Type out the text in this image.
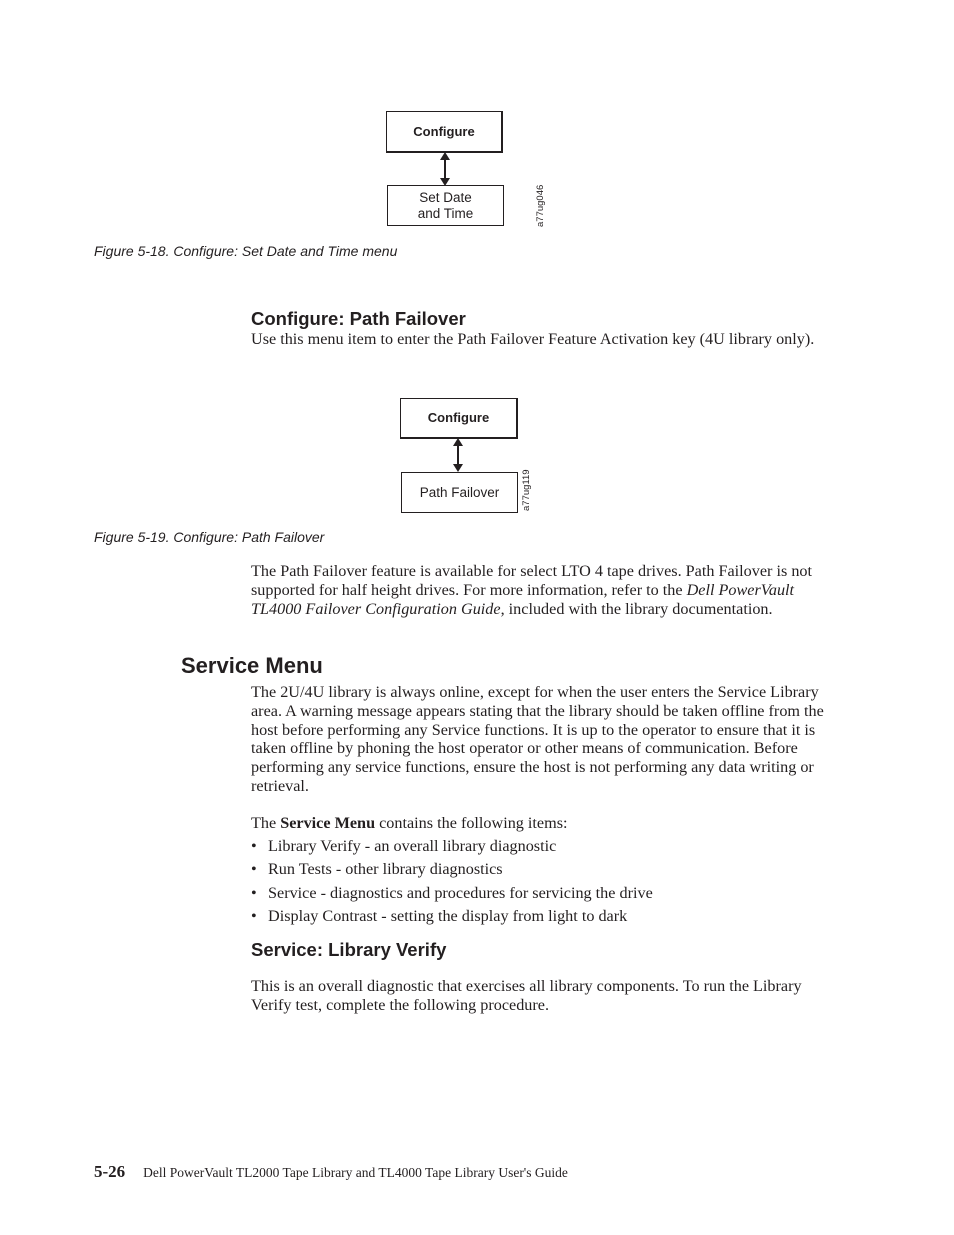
Configure
Set Date
and Time	a77ug046
Figure 5-18. Configure: Set Date and Time menu
Configure: Path Failover

Use this menu item to enter the Path Failover Feature Activation key (4U library only).

Configure
Path Failover a77ug119
Figure 5-19. Configure: Path Failover

The Path Failover feature is available for select LTO 4 tape drives. Path Failover is not supported for half height drives. For more information, refer to the Dell PowerVault TL4000 Failover Configuration Guide, included with the library documentation.

Service Menu

The 2U/4U library is always online, except for when the user enters the Service Library area. A warning message appears stating that the library should be taken offline from the host before performing any Service functions. It is up to the operator to ensure that it is taken offline by phoning the host operator or other means of communication. Before performing any service functions, ensure the host is not performing any data writing or retrieval.

The Service Menu contains the following items:

• Library Verify - an overall library diagnostic
• Run Tests - other library diagnostics
• Service - diagnostics and procedures for servicing the drive
• Display Contrast - setting the display from light to dark
Service: Library Verify

This is an overall diagnostic that exercises all library components. To run the Library Verify test, complete the following procedure.

5-26 Dell PowerVault TL2000 Tape Library and TL4000 Tape Library User's Guide
